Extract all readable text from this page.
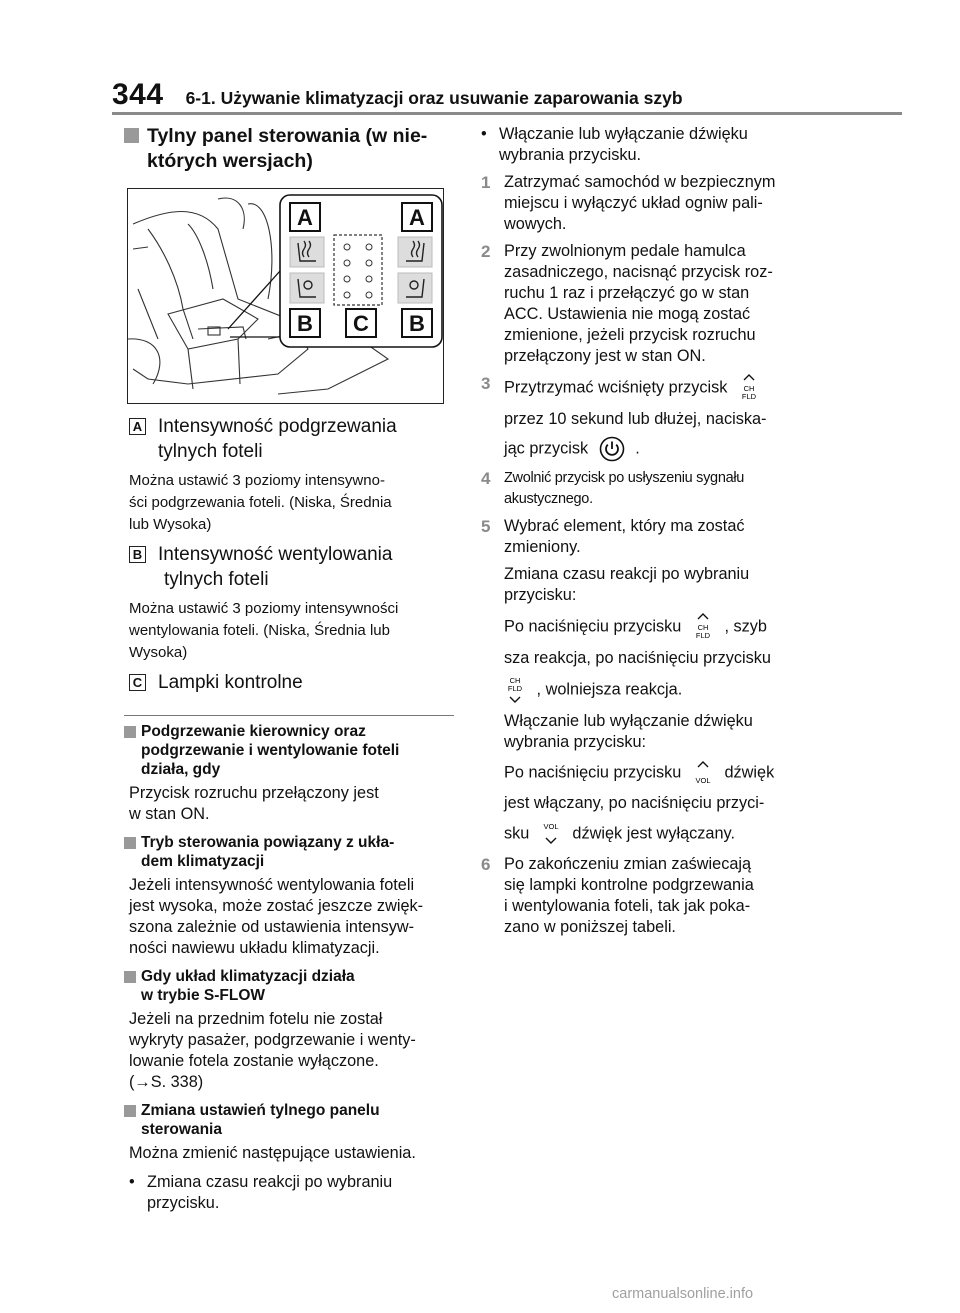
344 6-1. Używanie klimatyzacji oraz usuwanie zaparowania szyb
Tylny panel sterowania (w nie-
których wersjach)
A	A
B C B
A Intensywność podgrzewania
tylnych foteli
Można ustawić 3 poziomy intensywno-
ści podgrzewania foteli. (Niska, Średnia
lub Wysoka)
B Intensywność wentylowania
tylnych foteli
Można ustawić 3 poziomy intensywności
wentylowania foteli. (Niska, Średnia lub
Wysoka)
C Lampki kontrolne
Podgrzewanie kierownicy oraz
podgrzewanie i wentylowanie foteli
działa, gdy
Przycisk rozruchu przełączony jest
w stan ON.
Tryb sterowania powiązany z ukła-
dem klimatyzacji
Jeżeli intensywność wentylowania foteli
jest wysoka, może zostać jeszcze zwięk-
szona zależnie od ustawienia intensyw-
ności nawiewu układu klimatyzacji.
Gdy układ klimatyzacji działa
w trybie S-FLOW
Jeżeli na przednim fotelu nie został
wykryty pasażer, podgrzewanie i wenty-
lowanie fotela zostanie wyłączone.
(→S. 338)
Zmiana ustawień tylnego panelu
sterowania
Można zmienić następujące ustawienia.
• Zmiana czasu reakcji po wybraniu
przycisku.
• Włączanie lub wyłączanie dźwięku
wybrania przycisku.
1 Zatrzymać samochód w bezpiecznym
miejscu i wyłączyć układ ogniw pali-
wowych.
2 Przy zwolnionym pedale hamulca
zasadniczego, nacisnąć przycisk roz-
ruchu 1 raz i przełączyć go w stan
ACC. Ustawienia nie mogą zostać
zmienione, jeżeli przycisk rozruchu
przełączony jest w stan ON.
3 Przytrzymać wciśnięty przycisk CH
FLD
przez 10 sekund lub dłużej, naciska-
jąc przycisk	.
4 Zwolnić przycisk po usłyszeniu sygnału
akustycznego.
5 Wybrać element, który ma zostać
zmieniony.
Zmiana czasu reakcji po wybraniu
przycisku:
Po naciśnięciu przycisku CH
FLD
, szyb
sza reakcja, po naciśnięciu przycisku
CH
FLD , wolniejsza reakcja.
Włączanie lub wyłączanie dźwięku
wybrania przycisku:
Po naciśnięciu przycisku VOL dźwięk
jest włączany, po naciśnięciu przyci-
sku VOL dźwięk jest wyłączany.
6 Po zakończeniu zmian zaświecają
się lampki kontrolne podgrzewania
i wentylowania foteli, tak jak poka-
zano w poniższej tabeli.
carmanualsonline.info
